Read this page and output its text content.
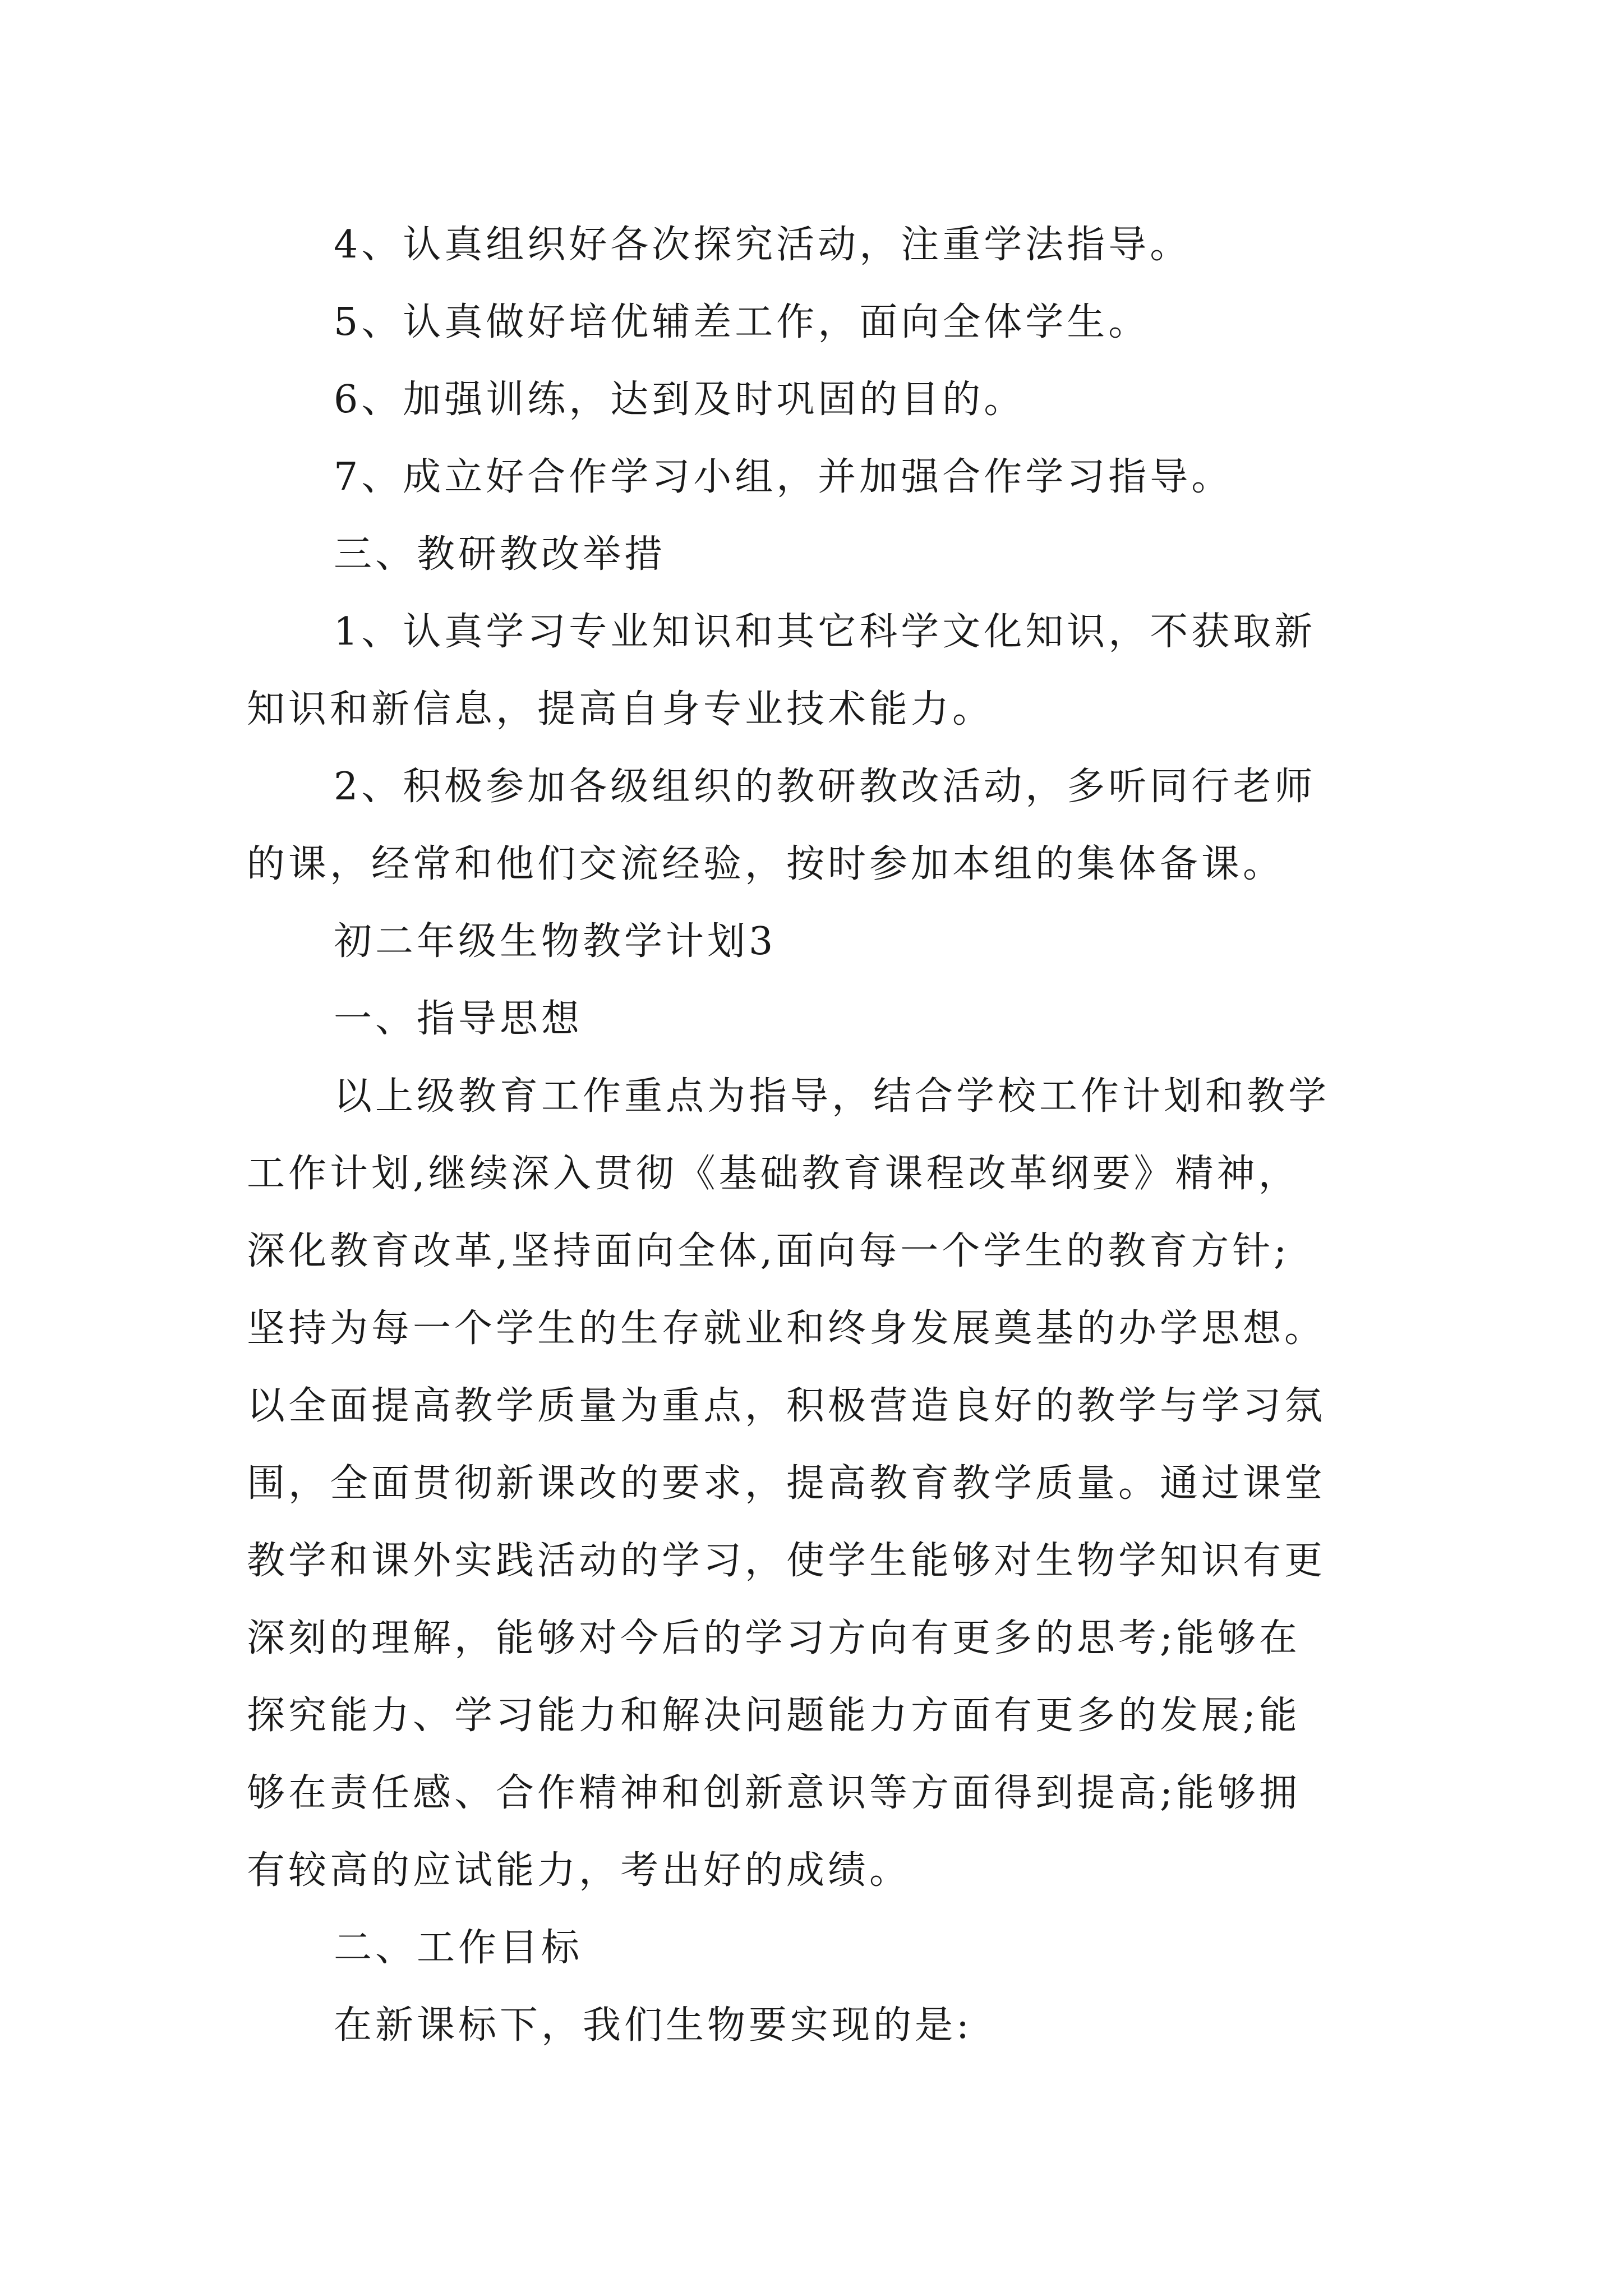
4、认真组织好各次探究活动，注重学法指导。

5、认真做好培优辅差工作，面向全体学生。

6、加强训练，达到及时巩固的目的。

7、成立好合作学习小组，并加强合作学习指导。

三、教研教改举措

1、认真学习专业知识和其它科学文化知识，不获取新

知识和新信息，提高自身专业技术能力。

2、积极参加各级组织的教研教改活动，多听同行老师

的课，经常和他们交流经验，按时参加本组的集体备课。

初二年级生物教学计划3

一、指导思想

以上级教育工作重点为指导，结合学校工作计划和教学

工作计划,继续深入贯彻《基础教育课程改革纲要》精神，

深化教育改革,坚持面向全体,面向每一个学生的教育方针;

坚持为每一个学生的生存就业和终身发展奠基的办学思想。

以全面提高教学质量为重点，积极营造良好的教学与学习氛

围，全面贯彻新课改的要求，提高教育教学质量。通过课堂

教学和课外实践活动的学习，使学生能够对生物学知识有更

深刻的理解，能够对今后的学习方向有更多的思考;能够在

探究能力、学习能力和解决问题能力方面有更多的发展;能

够在责任感、合作精神和创新意识等方面得到提高;能够拥

有较高的应试能力，考出好的成绩。

二、工作目标

在新课标下，我们生物要实现的是:
